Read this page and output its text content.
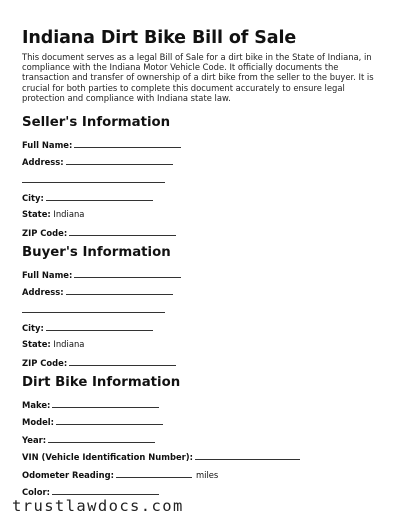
Indiana Dirt Bike Bill of Sale

This document serves as a legal Bill of Sale for a dirt bike in the State of Indiana, in compliance with the Indiana Motor Vehicle Code. It officially documents the transaction and transfer of ownership of a dirt bike from the seller to the buyer. It is crucial for both parties to complete this document accurately to ensure legal protection and compliance with Indiana state law.

Seller's Information
Full Name:
Address:
City:
State: Indiana
ZIP Code:
Buyer's Information
Full Name:
Address:
City:
State: Indiana
ZIP Code:
Dirt Bike Information
Make:
Model:
Year:
VIN (Vehicle Identification Number):
Odometer Reading:	miles
Color:
trustlawdocs.com
